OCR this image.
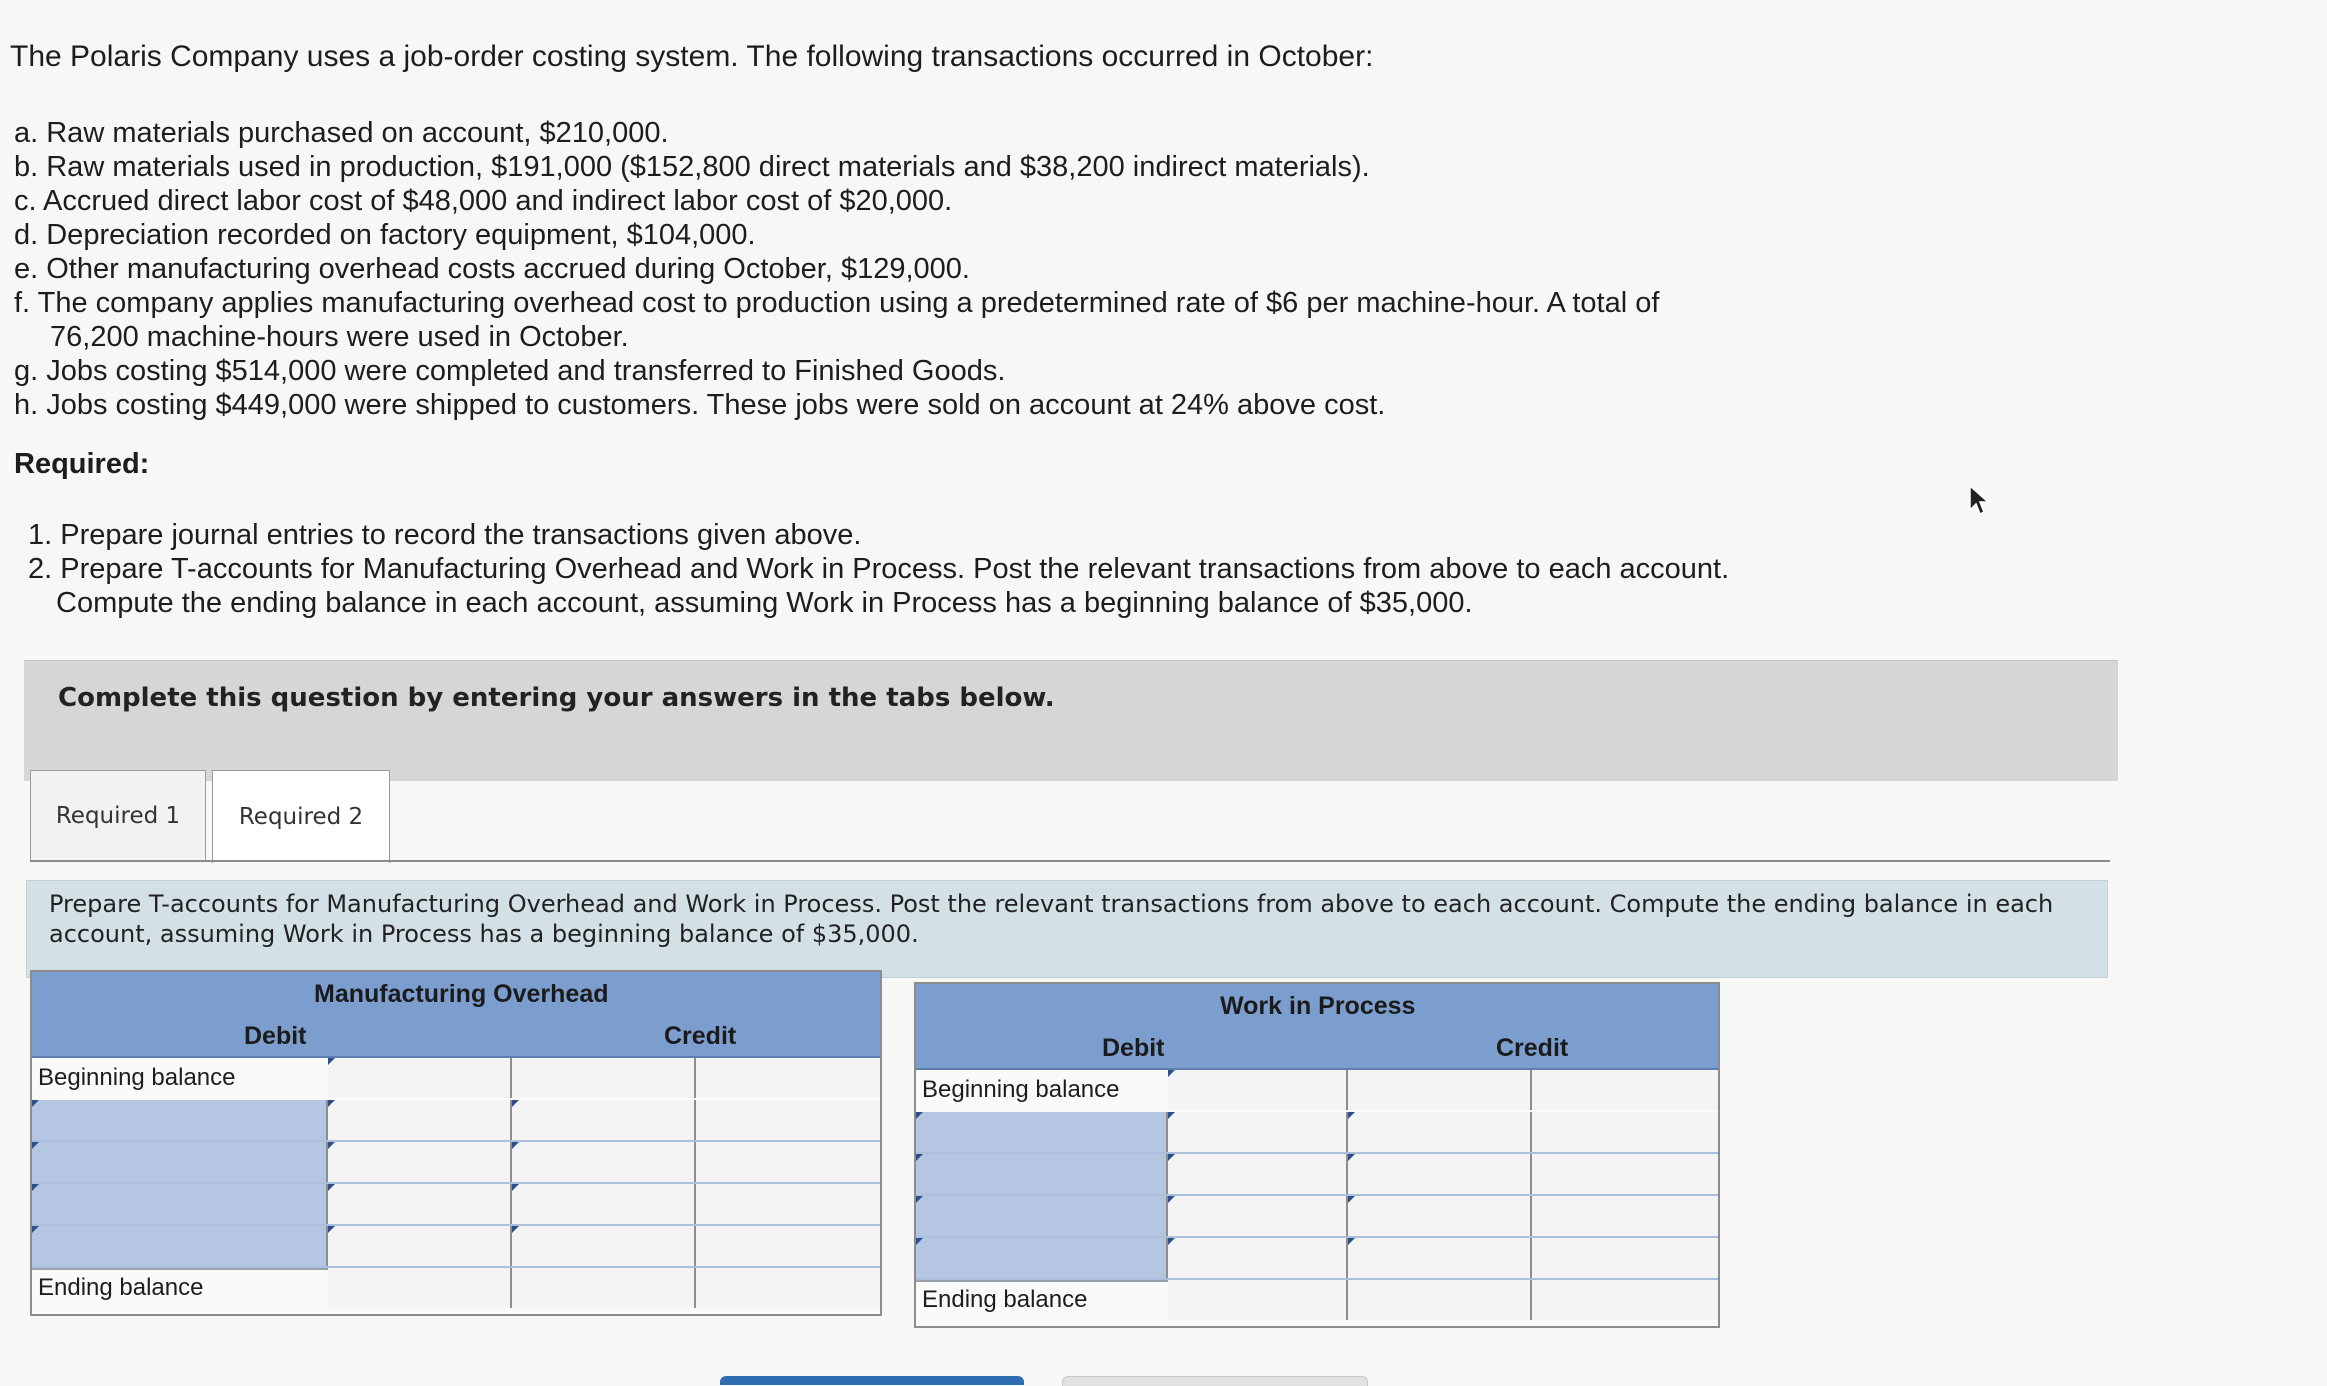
The Polaris Company uses a job-order costing system. The following transactions occurred in October:
a. Raw materials purchased on account, $210,000.
b. Raw materials used in production, $191,000 ($152,800 direct materials and $38,200 indirect materials).
c. Accrued direct labor cost of $48,000 and indirect labor cost of $20,000.
d. Depreciation recorded on factory equipment, $104,000.
e. Other manufacturing overhead costs accrued during October, $129,000.
f. The company applies manufacturing overhead cost to production using a predetermined rate of $6 per machine-hour. A total of
76,200 machine-hours were used in October.
g. Jobs costing $514,000 were completed and transferred to Finished Goods.
h. Jobs costing $449,000 were shipped to customers. These jobs were sold on account at 24% above cost.
Required:
1. Prepare journal entries to record the transactions given above.
2. Prepare T-accounts for Manufacturing Overhead and Work in Process. Post the relevant transactions from above to each account.
Compute the ending balance in each account, assuming Work in Process has a beginning balance of $35,000.
Complete this question by entering your answers in the tabs below.
Required 1	Required 2
Prepare T-accounts for Manufacturing Overhead and Work in Process. Post the relevant transactions from above to each account. Compute the ending balance in each account, assuming Work in Process has a beginning balance of $35,000.
Manufacturing Overhead
Debit	Credit
Beginning balance
Ending balance
Work in Process
Debit	Credit
Beginning balance
Ending balance
